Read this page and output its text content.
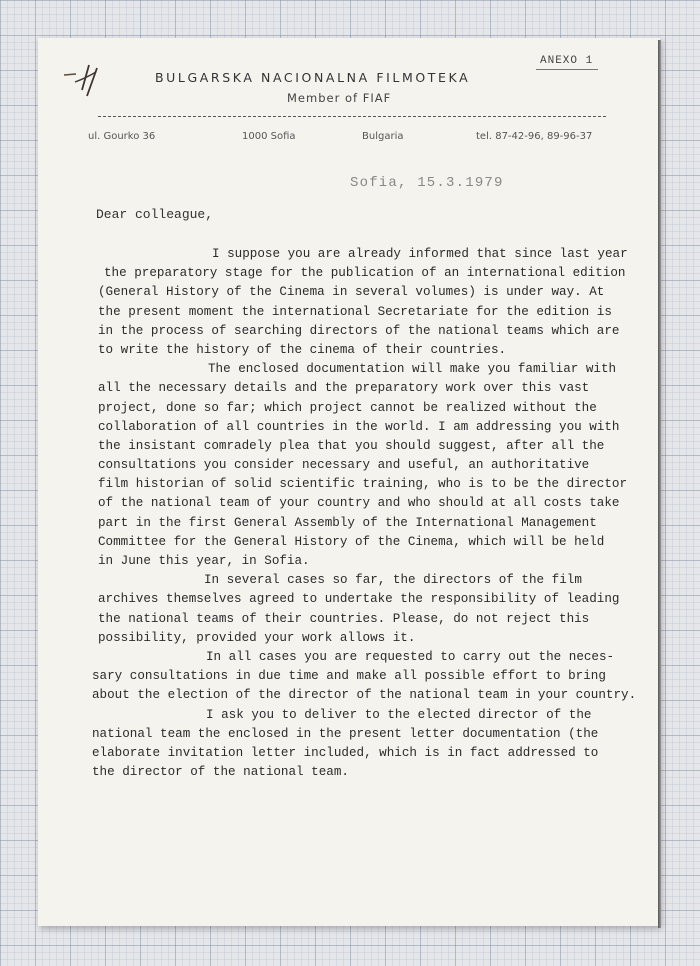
ANEXO 1
BULGARSKA NACIONALNA FILMOTEKA
Member of FIAF
ul. Gourko 36	1000 Sofia	Bulgaria	tel. 87-42-96, 89-96-37
Sofia, 15.3.1979
Dear colleague,
I suppose you are already informed that since last year
the preparatory stage for the publication of an international edition
(General History of the Cinema in several volumes) is under way. At
the present moment the international Secretariate for the edition is
in the process of searching directors of the national teams which are
to write the history of the cinema of their countries.
The enclosed documentation will make you familiar with
all the necessary details and the preparatory work over this vast
project, done so far; which project cannot be realized without the
collaboration of all countries in the world. I am addressing you with
the insistant comradely plea that you should suggest, after all the
consultations you consider necessary and useful, an authoritative
film historian of solid scientific training, who is to be the director
of the national team of your country and who should at all costs take
part in the first General Assembly of the International Management
Committee for the General History of the Cinema, which will be held
in June this year, in Sofia.
In several cases so far, the directors of the film
archives themselves agreed to undertake the responsibility of leading
the national teams of their countries. Please, do not reject this
possibility, provided your work allows it.
In all cases you are requested to carry out the neces-
sary consultations in due time and make all possible effort to bring
about the election of the director of the national team in your country.
I ask you to deliver to the elected director of the
national team the enclosed in the present letter documentation (the
elaborate invitation letter included, which is in fact addressed to
the director of the national team.
